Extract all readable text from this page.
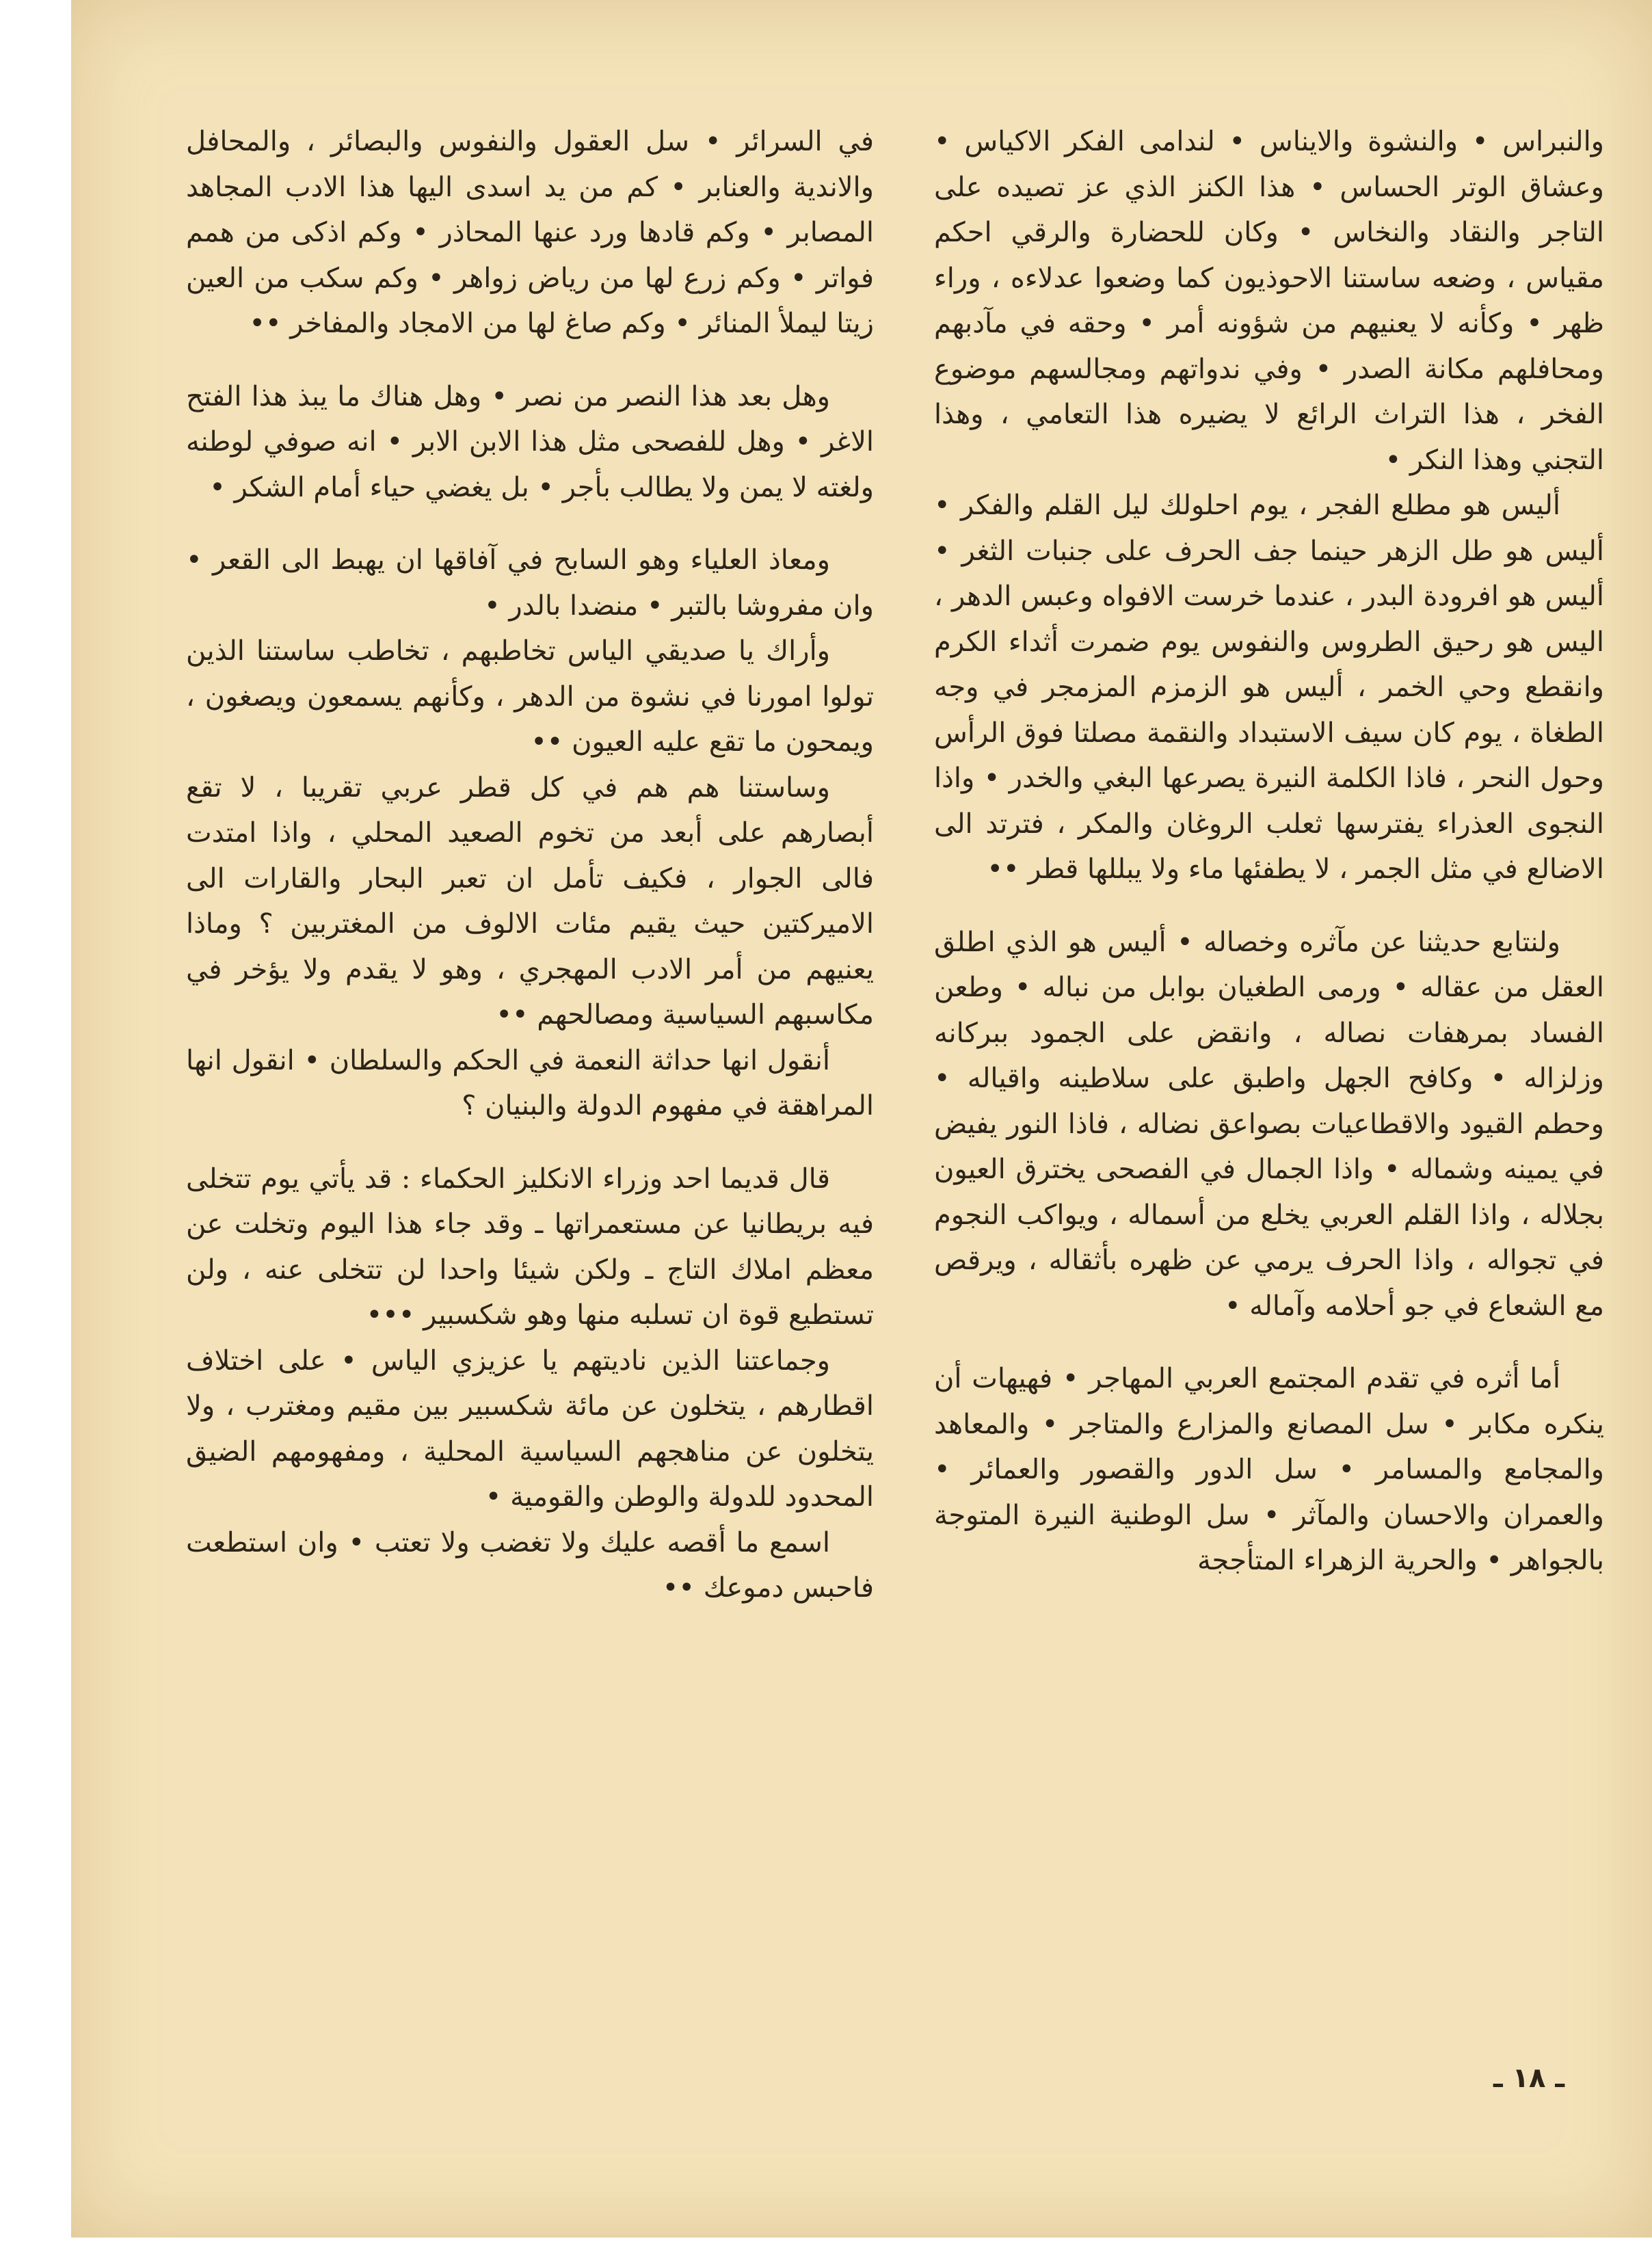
والنبراس • والنشوة والايناس • لندامى الفكر الاكياس • وعشاق الوتر الحساس • هذا الكنز الذي عز تصيده على التاجر والنقاد والنخاس • وكان للحضارة والرقي احكم مقياس ، وضعه ساستنا الاحوذيون كما وضعوا عدلاءه ، وراء ظهر • وكأنه لا يعنيهم من شؤونه أمر • وحقه في مآدبهم ومحافلهم مكانة الصدر • وفي ندواتهم ومجالسهم موضوع الفخر ، هذا التراث الرائع لا يضيره هذا التعامي ، وهذا التجني وهذا النكر •

أليس هو مطلع الفجر ، يوم احلولك ليل القلم والفكر • أليس هو طل الزهر حينما جف الحرف على جنبات الثغر • أليس هو افرودة البدر ، عندما خرست الافواه وعبس الدهر ، اليس هو رحيق الطروس والنفوس يوم ضمرت أثداء الكرم وانقطع وحي الخمر ، أليس هو الزمزم المزمجر في وجه الطغاة ، يوم كان سيف الاستبداد والنقمة مصلتا فوق الرأس وحول النحر ، فاذا الكلمة النيرة يصرعها البغي والخدر • واذا النجوى العذراء يفترسها ثعلب الروغان والمكر ، فترتد الى الاضالع في مثل الجمر ، لا يطفئها ماء ولا يبللها قطر ••

ولنتابع حديثنا عن مآثره وخصاله • أليس هو الذي اطلق العقل من عقاله • ورمى الطغيان بوابل من نباله • وطعن الفساد بمرهفات نصاله ، وانقض على الجمود ببركانه وزلزاله • وكافح الجهل واطبق على سلاطينه واقياله • وحطم القيود والاقطاعيات بصواعق نضاله ، فاذا النور يفيض في يمينه وشماله • واذا الجمال في الفصحى يخترق العيون بجلاله ، واذا القلم العربي يخلع من أسماله ، ويواكب النجوم في تجواله ، واذا الحرف يرمي عن ظهره بأثقاله ، ويرقص مع الشعاع في جو أحلامه وآماله •

أما أثره في تقدم المجتمع العربي المهاجر • فهيهات أن ينكره مكابر • سل المصانع والمزارع والمتاجر • والمعاهد والمجامع والمسامر • سل الدور والقصور والعمائر • والعمران والاحسان والمآثر • سل الوطنية النيرة المتوجة بالجواهر • والحرية الزهراء المتأججة

في السرائر • سل العقول والنفوس والبصائر ، والمحافل والاندية والعنابر • كم من يد اسدى اليها هذا الادب المجاهد المصابر • وكم قادها ورد عنها المحاذر • وكم اذكى من همم فواتر • وكم زرع لها من رياض زواهر • وكم سكب من العين زيتا ليملأ المنائر • وكم صاغ لها من الامجاد والمفاخر ••

وهل بعد هذا النصر من نصر • وهل هناك ما يبذ هذا الفتح الاغر • وهل للفصحى مثل هذا الابن الابر • انه صوفي لوطنه ولغته لا يمن ولا يطالب بأجر • بل يغضي حياء أمام الشكر •

ومعاذ العلياء وهو السابح في آفاقها ان يهبط الى القعر • وان مفروشا بالتبر • منضدا بالدر •

وأراك يا صديقي الياس تخاطبهم ، تخاطب ساستنا الذين تولوا امورنا في نشوة من الدهر ، وكأنهم يسمعون ويصغون ، ويمحون ما تقع عليه العيون ••

وساستنا هم هم في كل قطر عربي تقريبا ، لا تقع أبصارهم على أبعد من تخوم الصعيد المحلي ، واذا امتدت فالى الجوار ، فكيف تأمل ان تعبر البحار والقارات الى الاميركتين حيث يقيم مئات الالوف من المغتربين ؟ وماذا يعنيهم من أمر الادب المهجري ، وهو لا يقدم ولا يؤخر في مكاسبهم السياسية ومصالحهم ••

أنقول انها حداثة النعمة في الحكم والسلطان • انقول انها المراهقة في مفهوم الدولة والبنيان ؟

قال قديما احد وزراء الانكليز الحكماء : قد يأتي يوم تتخلى فيه بريطانيا عن مستعمراتها ـ وقد جاء هذا اليوم وتخلت عن معظم املاك التاج ـ ولكن شيئا واحدا لن تتخلى عنه ، ولن تستطيع قوة ان تسلبه منها وهو شكسبير •••

وجماعتنا الذين ناديتهم يا عزيزي الياس • على اختلاف اقطارهم ، يتخلون عن مائة شكسبير بين مقيم ومغترب ، ولا يتخلون عن مناهجهم السياسية المحلية ، ومفهومهم الضيق المحدود للدولة والوطن والقومية •

اسمع ما أقصه عليك ولا تغضب ولا تعتب • وان استطعت فاحبس دموعك ••

ـ ١٨ ـ
